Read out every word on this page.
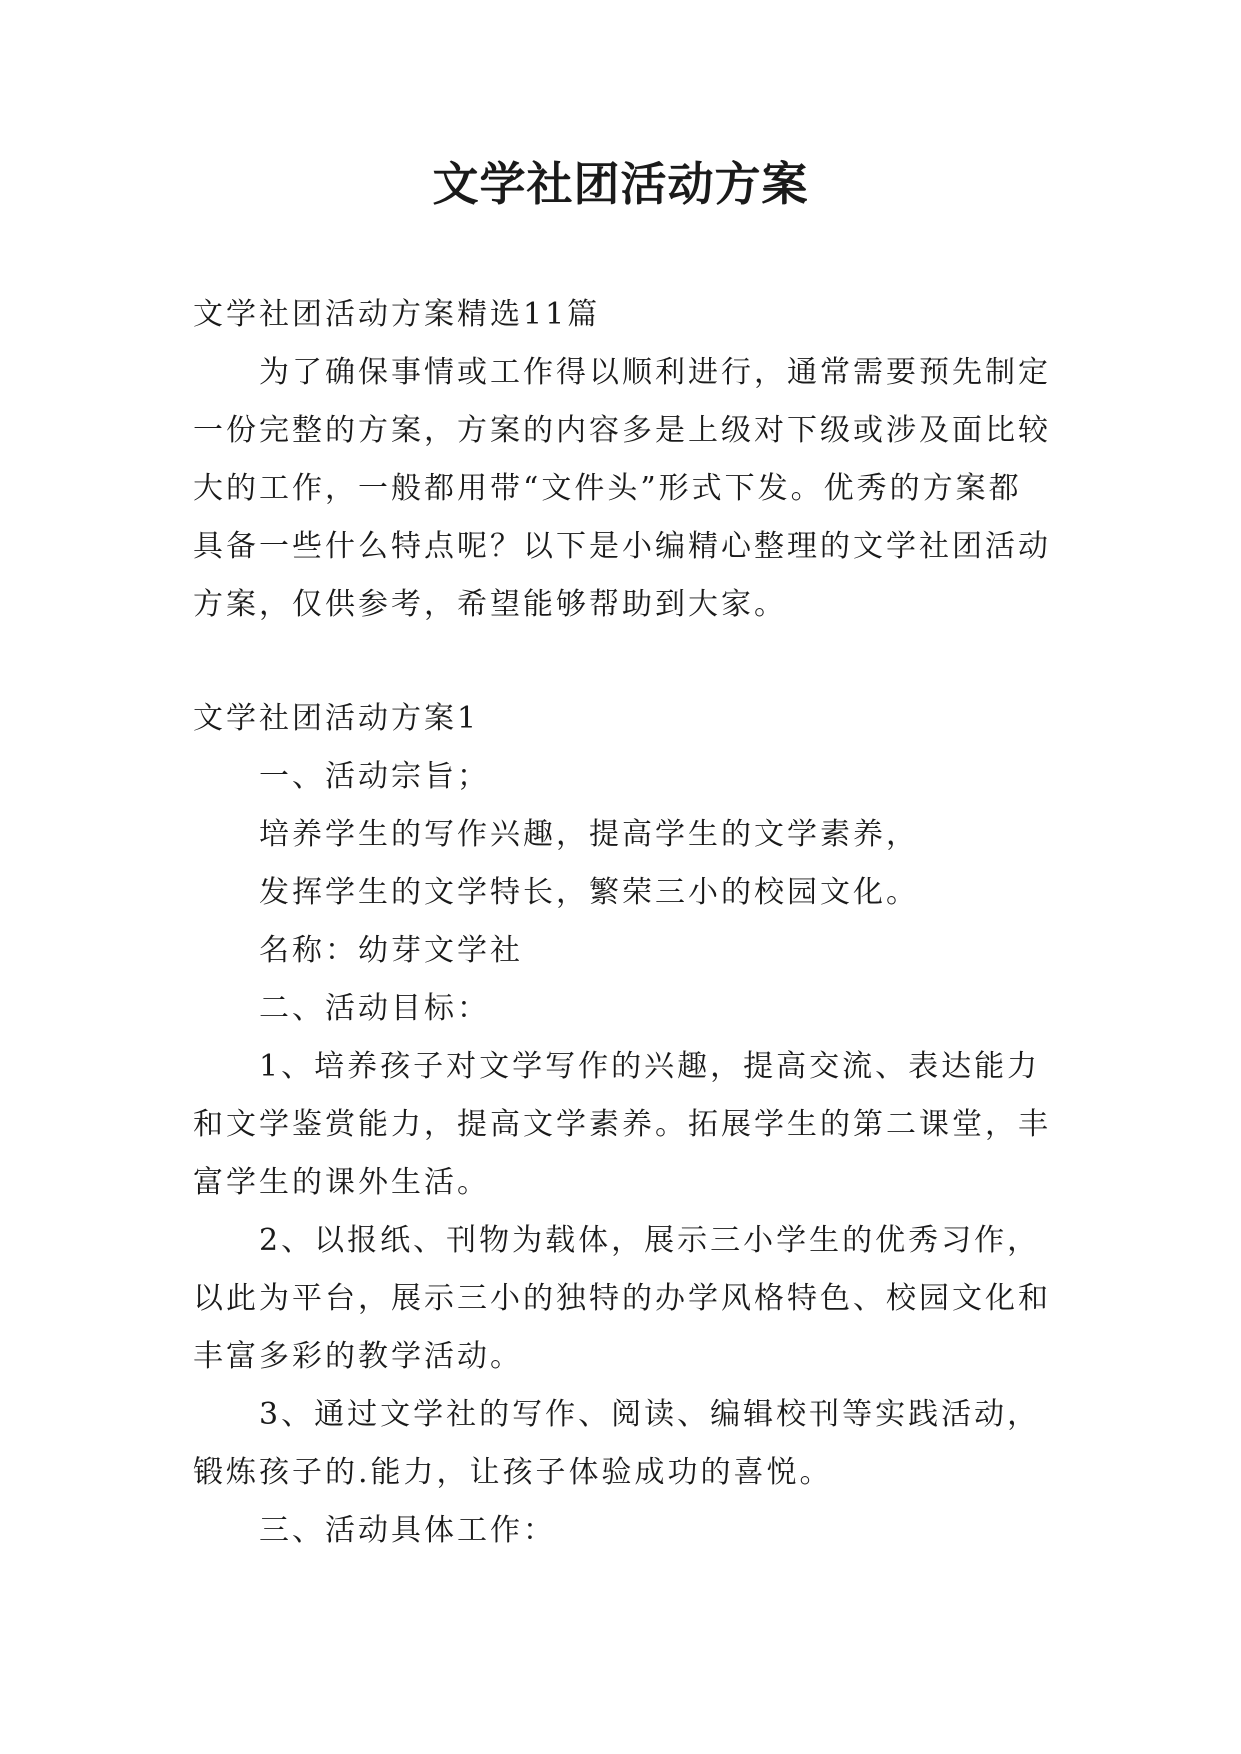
文学社团活动方案

文学社团活动方案精选11篇

为了确保事情或工作得以顺利进行，通常需要预先制定一份完整的方案，方案的内容多是上级对下级或涉及面比较大的工作，一般都用带“文件头”形式下发。优秀的方案都具备一些什么特点呢？以下是小编精心整理的文学社团活动方案，仅供参考，希望能够帮助到大家。

文学社团活动方案1

一、活动宗旨；

培养学生的写作兴趣，提高学生的文学素养，

发挥学生的文学特长，繁荣三小的校园文化。

名称：幼芽文学社

二、活动目标：

1、培养孩子对文学写作的兴趣，提高交流、表达能力和文学鉴赏能力，提高文学素养。拓展学生的第二课堂，丰富学生的课外生活。

2、以报纸、刊物为载体，展示三小学生的优秀习作，以此为平台，展示三小的独特的办学风格特色、校园文化和丰富多彩的教学活动。

3、通过文学社的写作、阅读、编辑校刊等实践活动，锻炼孩子的.能力，让孩子体验成功的喜悦。

三、活动具体工作：
